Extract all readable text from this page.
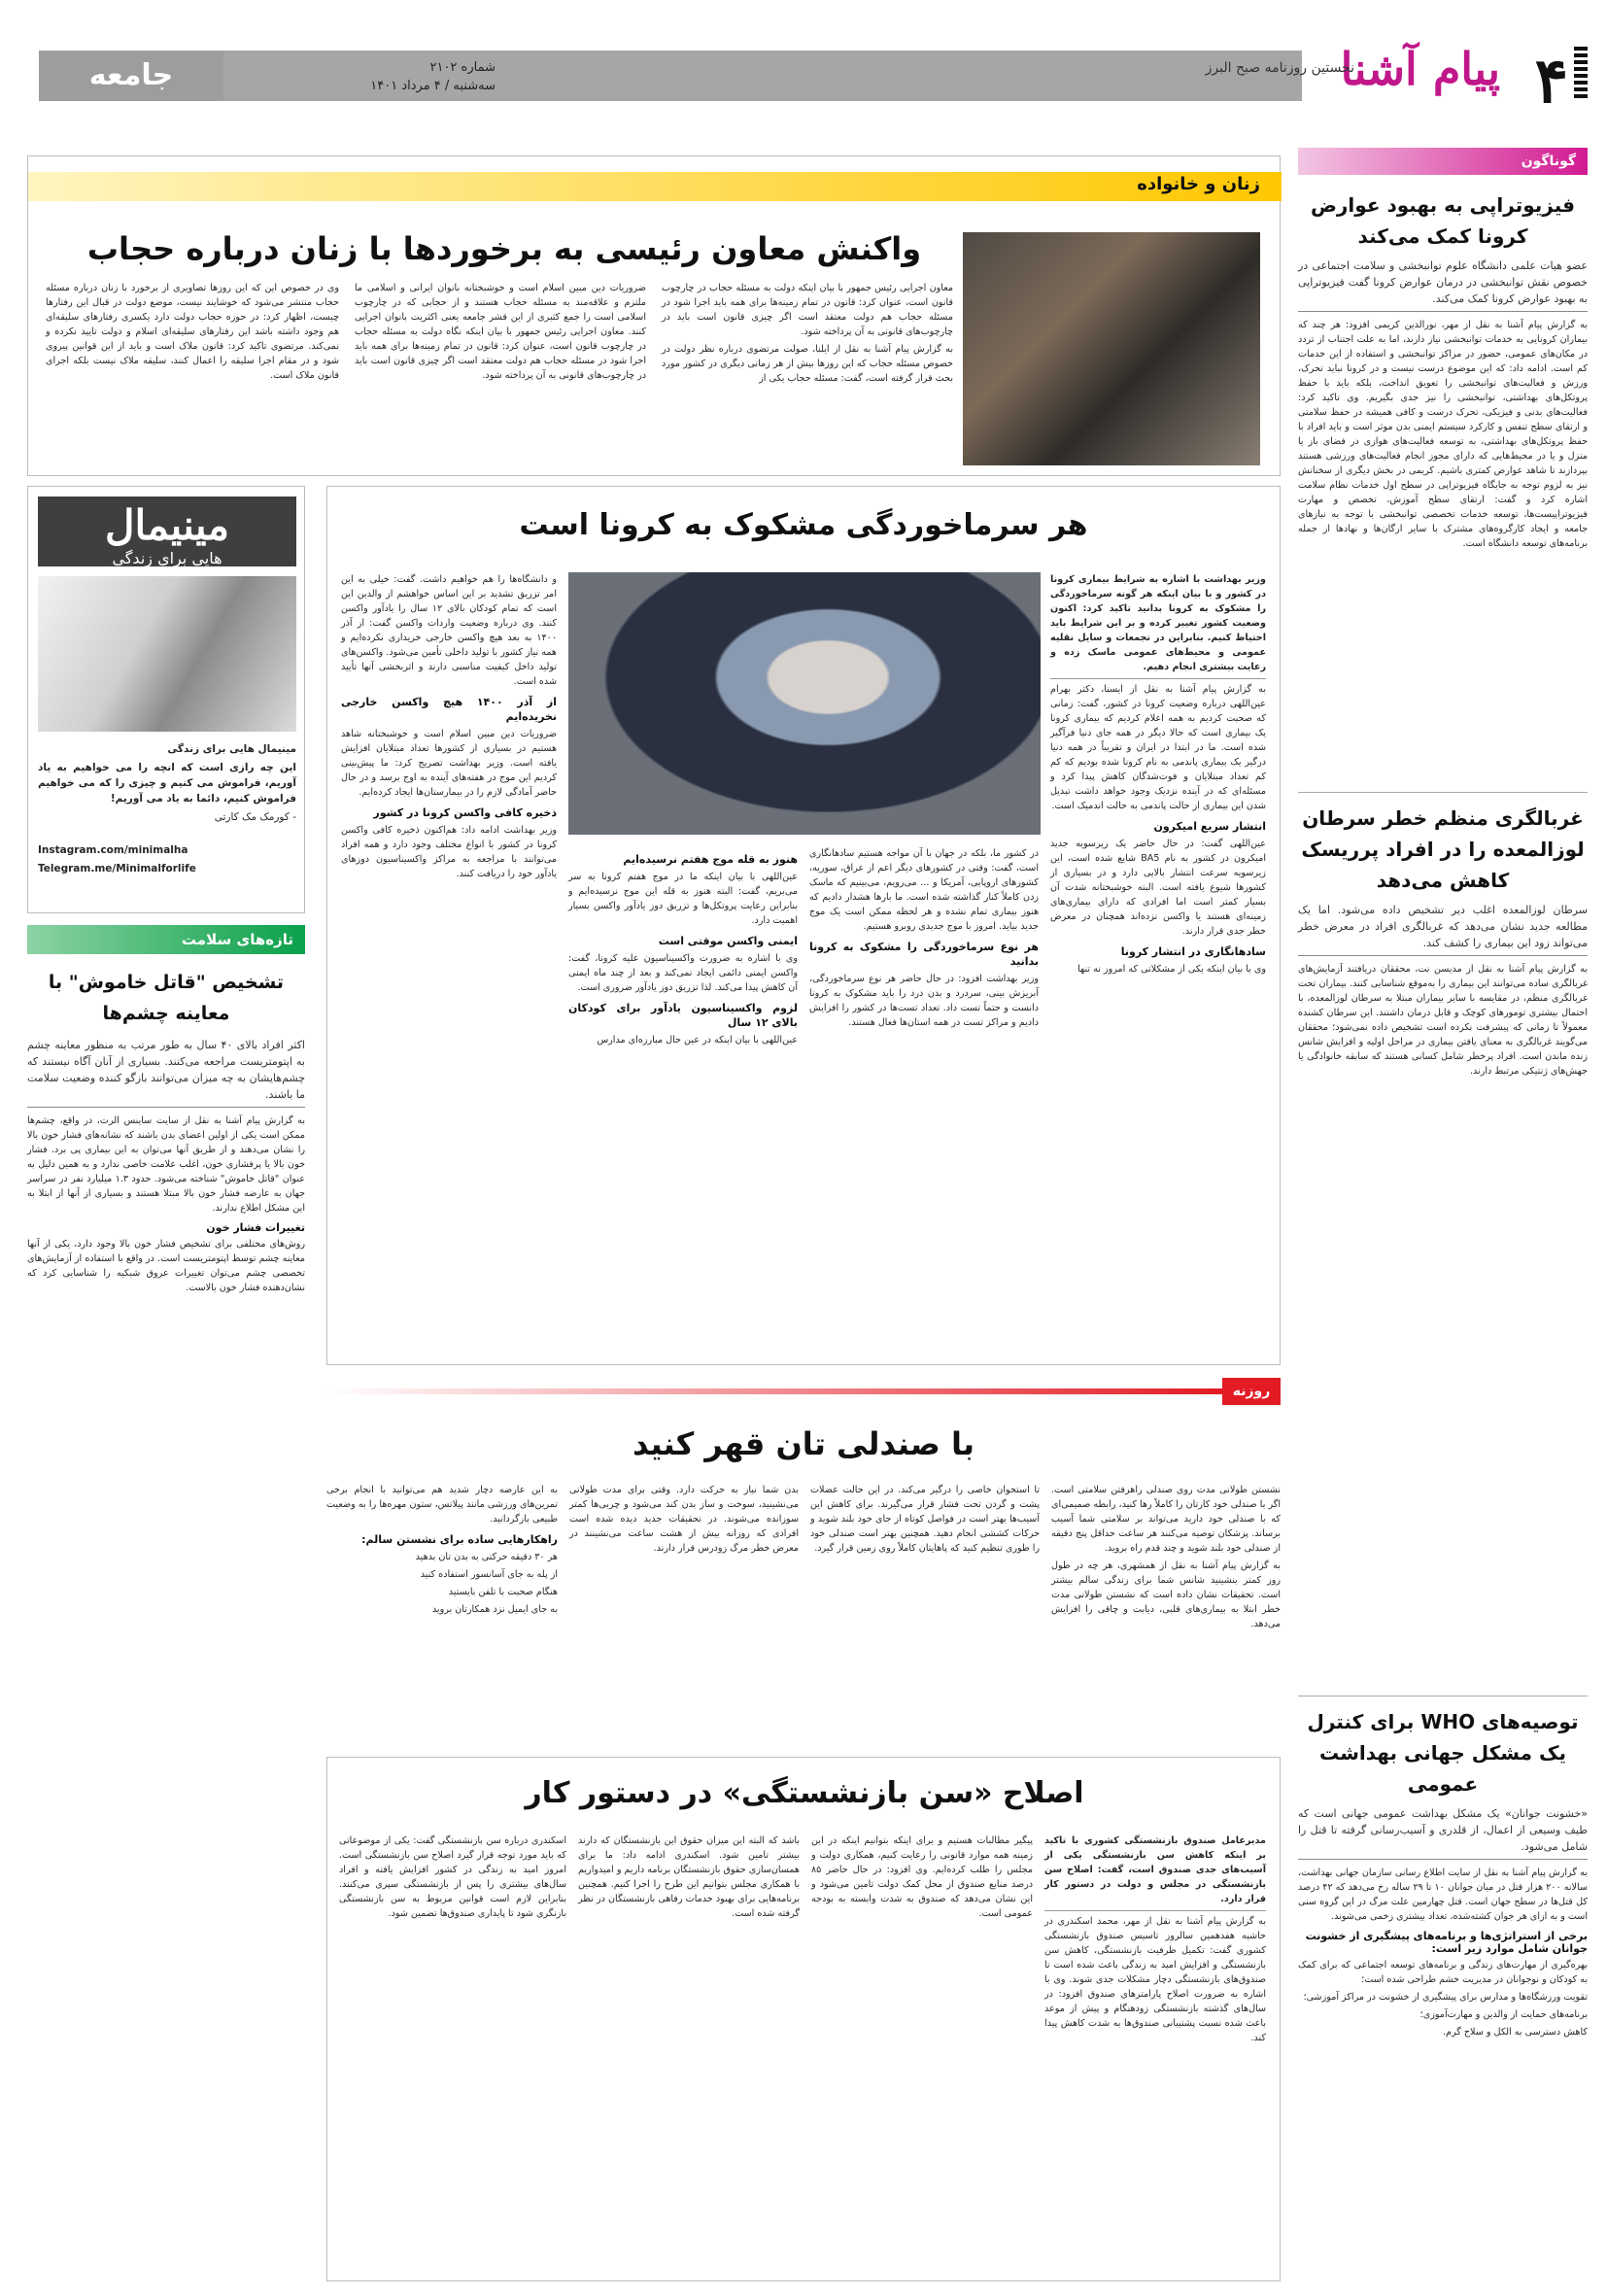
جامعه	شماره ۲۱۰۲
سه‌شنبه / ۴ مرداد ۱۴۰۱	۴
پیام آشنا
نخستین روزنامه صبح البرز
گوناگون
فیزیوتراپی به بهبود عوارض کرونا کمک می‌کند
عضو هیات علمی دانشگاه علوم توانبخشی و سلامت اجتماعی در خصوص نقش توانبخشی در درمان عوارض کرونا گفت فیزیوتراپی به بهبود عوارض کرونا کمک می‌کند.
به گزارش پیام آشنا به نقل از مهر، نورالدین کریمی افزود: هر چند که بیماران کرونایی به خدمات توانبخشی نیاز دارند، اما به علت اجتناب از تردد در مکان‌های عمومی، حضور در مراکز توانبخشی و استفاده از این خدمات کم است. ادامه داد: که این موضوع درست نیست و در کرونا نباید تحرک، ورزش و فعالیت‌های توانبخشی را تعویق انداخت، بلکه باید با حفظ پروتکل‌های بهداشتی، توانبخشی را نیز جدی بگیریم. وی تاکید کرد: فعالیت‌های بدنی و فیزیکی، تحرک درست و کافی همیشه در حفظ سلامتی و ارتقای سطح تنفس و کارکرد سیستم ایمنی بدن موثر است و باید افراد با حفظ پروتکل‌های بهداشتی، به توسعه فعالیت‌های هوازی در فضای باز یا منزل و یا در محیط‌هایی که دارای مجوز انجام فعالیت‌های ورزشی هستند بپردازند تا شاهد عوارض کمتری باشیم. کریمی در بخش دیگری از سخنانش نیز به لزوم توجه به جایگاه فیزیوتراپی در سطح اول خدمات نظام سلامت اشاره کرد و گفت: ارتقای سطح آموزش، تخصص و مهارت فیزیوتراپیست‌ها، توسعه خدمات تخصصی توانبخشی با توجه به نیازهای جامعه و ایجاد کارگروه‌های مشترک با سایر ارگان‌ها و نهادها از جمله برنامه‌های توسعه دانشگاه است.
غربالگری منظم خطر سرطان لوزالمعده را در افراد پرریسک کاهش می‌دهد
سرطان لوزالمعده اغلب دیر تشخیص داده می‌شود. اما یک مطالعه جدید نشان می‌دهد که غربالگری افراد در معرض خطر می‌تواند زود این بیماری را کشف کند.
به گزارش پیام آشنا به نقل از مدیسن نت، محققان دریافتند آزمایش‌های غربالگری ساده می‌توانند این بیماری را به‌موقع شناسایی کنند. بیماران تحت غربالگری منظم، در مقایسه با سایر بیماران مبتلا به سرطان لوزالمعده، با احتمال بیشتری تومورهای کوچک و قابل درمان داشتند. این سرطان کشنده معمولاً تا زمانی که پیشرفت نکرده است تشخیص داده نمی‌شود؛ محققان می‌گویند غربالگری به معنای یافتن بیماری در مراحل اولیه و افزایش شانس زنده ماندن است. افراد پرخطر شامل کسانی هستند که سابقه خانوادگی یا جهش‌های ژنتیکی مرتبط دارند.
توصیه‌های WHO برای کنترل یک مشکل جهانی بهداشت عمومی
«خشونت جوانان» یک مشکل بهداشت عمومی جهانی است که طیف وسیعی از اعمال، از قلدری و آسیب‌رسانی گرفته تا قتل را شامل می‌شود.
به گزارش پیام آشنا به نقل از سایت اطلاع رسانی سازمان جهانی بهداشت، سالانه ۲۰۰ هزار قتل در میان جوانان ۱۰ تا ۲۹ ساله رخ می‌دهد که ۴۲ درصد کل قتل‌ها در سطح جهان است. قتل چهارمین علت مرگ در این گروه سنی است و به ازای هر جوان کشته‌شده، تعداد بیشتری زخمی می‌شوند.
برخی از استراتژی‌ها و برنامه‌های پیشگیری از خشونت جوانان شامل موارد زیر است:

بهره‌گیری از مهارت‌های زندگی و برنامه‌های توسعه اجتماعی که برای کمک به کودکان و نوجوانان در مدیریت خشم طراحی شده است؛

تقویت ورزشگاه‌ها و مدارس برای پیشگیری از خشونت در مراکز آموزشی؛

برنامه‌های حمایت از والدین و مهارت‌آموزی؛

کاهش دسترسی به الکل و سلاح گرم.

زنان و خانواده
واکنش معاون رئیسی به برخوردها با زنان درباره حجاب

معاون اجرایی رئیس جمهور با بیان اینکه دولت به مسئله حجاب در چارچوب قانون است، عنوان کرد: قانون در تمام زمینه‌ها برای همه باید اجرا شود در مسئله حجاب هم دولت معتقد است اگر چیزی قانون است باید در چارچوب‌های قانونی به آن پرداخته شود.

به گزارش پیام آشنا به نقل از ایلنا، صولت مرتضوی درباره نظر دولت در خصوص مسئله حجاب که این روزها بیش از هر زمانی دیگری در کشور مورد بحث قرار گرفته است، گفت: مسئله حجاب یکی از

ضروریات دین مبین اسلام است و خوشبختانه بانوان ایرانی و اسلامی ما ملتزم و علاقه‌مند به مسئله حجاب هستند و از حجابی که در چارچوب اسلامی است را جمع کثیری از این قشر جامعه یعنی اکثریت بانوان اجرایی کنند. معاون اجرایی رئیس جمهور با بیان اینکه نگاه دولت به مسئله حجاب در چارچوب قانون است، عنوان کرد: قانون در تمام زمینه‌ها برای همه باید اجرا شود در مسئله حجاب هم دولت معتقد است اگر چیزی قانون است باید در چارچوب‌های قانونی به آن پرداخته شود.
وی در خصوص این که این روزها تصاویری از برخورد با زنان درباره مسئله حجاب منتشر می‌شود که خوشایند نیست، موضع دولت در قبال این رفتارها چیست، اظهار کرد: در حوزه حجاب دولت دارد یکسری رفتارهای سلیقه‌ای هم وجود داشته باشد این رفتارهای سلیقه‌ای اسلام و دولت تایید نکرده و نمی‌کند. مرتضوی تاکید کرد: قانون ملاک است و باید از این قوانین پیروی شود و در مقام اجرا سلیقه را اعمال کنند، سلیقه ملاک نیست بلکه اجرای قانون ملاک است.
مینیمال
هایی برای زندگی

مینیمال هایی برای زندگی

این چه رازی است که انچه را می خواهیم به یاد آوریم، فراموش می کنیم و چیزی را که می خواهیم فراموش کنیم، دائما به یاد می آوریم!

- کورمک مک کارتی

Instagram.com/minimalha

Telegram.me/Minimalforlife

تازه‌های سلامت
تشخیص "قاتل خاموش" با معاینه چشم‌ها
اکثر افراد بالای ۴۰ سال به طور مرتب به منظور معاینه چشم به اپتومتریست مراجعه می‌کنند. بسیاری از آنان آگاه نیستند که چشم‌هایشان به چه میزان می‌توانند بازگو کننده وضعیت سلامت ما باشند.
به گزارش پیام آشنا به نقل از سایت ساینس الرت، در واقع، چشم‌ها ممکن است یکی از اولین اعضای بدن باشند که نشانه‌های فشار خون بالا را نشان می‌دهند و از طریق آنها می‌توان به این بیماری پی برد. فشار خون بالا یا پرفشاری خون، اغلب علامت خاصی ندارد و به همین دلیل به عنوان "قاتل خاموش" شناخته می‌شود. حدود ۱.۳ میلیارد نفر در سراسر جهان به عارضه فشار خون بالا مبتلا هستند و بسیاری از آنها از ابتلا به این مشکل اطلاع ندارند.
تغییرات فشار خون
روش‌های مختلفی برای تشخیص فشار خون بالا وجود دارد، یکی از آنها معاینه چشم توسط اپتومتریست است. در واقع با استفاده از آزمایش‌های تخصصی چشم می‌توان تغییرات عروق شبکیه را شناسایی کرد که نشان‌دهنده فشار خون بالاست.
هر سرماخوردگی مشکوک به کرونا است

وزیر بهداشت با اشاره به شرایط بیماری کرونا در کشور و با بیان اینکه هر گونه سرماخوردگی را مشکوک به کرونا بدانید تاکید کرد: اکنون وضعیت کشور تغییر کرده و بر این شرایط باید احتیاط کنیم. بنابراین در تجمعات و سایل نقلیه عمومی و محیط‌های عمومی ماسک زده و رعایت بیشتری انجام دهیم.

به گزارش پیام آشنا به نقل از ایسنا، دکتر بهرام عین‌اللهی درباره وضعیت کرونا در کشور، گفت: زمانی که صحبت کردیم به همه اعلام کردیم که بیماری کرونا یک بیماری است که حالا دیگر در همه جای دنیا فرآگیر شده است. ما در ابتدا در ایران و تقریباً در همه دنیا درگیر یک بیماری پاندمی به نام کرونا شده بودیم که کم کم تعداد مبتلایان و فوت‌شدگان کاهش پیدا کرد و مسئله‌ای که در آینده نزدیک وجود خواهد داشت تبدیل شدن این بیماری از حالت پاندمی به حالت اندمیک است.

انتشار سریع امیکرون

عین‌اللهی گفت: در حال حاضر یک زیرسویه جدید امیکرون در کشور به نام BA5 شایع شده است، این زیرسویه سرعت انتشار بالایی دارد و در بسیاری از کشورها شیوع یافته است. البته خوشبختانه شدت آن بسیار کمتر است اما افرادی که دارای بیماری‌های زمینه‌ای هستند یا واکسن نزده‌اند همچنان در معرض خطر جدی قرار دارند.

سادهانگاری در انتشار کرونا

وی با بیان اینکه یکی از مشکلاتی که امروز نه تنها

در کشور ما، بلکه در جهان با آن مواجه هستیم سادهانگاری است، گفت: وقتی در کشورهای دیگر اعم از عراق، سوریه، کشورهای اروپایی، آمریکا و ... می‌رویم، می‌بینیم که ماسک زدن کاملاً کنار گذاشته شده است. ما بارها هشدار دادیم که هنوز بیماری تمام نشده و هر لحظه ممکن است یک موج جدید بیاید. امروز با موج جدیدی روبرو هستیم.

هر نوع سرماخوردگی را مشکوک به کرونا بدانید

وزیر بهداشت افزود: در حال حاضر هر نوع سرماخوردگی، آبریزش بینی، سردرد و بدن درد را باید مشکوک به کرونا دانست و حتماً تست داد. تعداد تست‌ها در کشور را افزایش دادیم و مراکز تست در همه استان‌ها فعال هستند.

هنوز به قله موج هفتم نرسیده‌ایم

عین‌اللهی با بیان اینکه ما در موج هفتم کرونا به سر می‌بریم، گفت: البته هنوز به قله این موج نرسیده‌ایم و بنابراین رعایت پروتکل‌ها و تزریق دوز یادآور واکسن بسیار اهمیت دارد.

ایمنی واکسن موقتی است

وی با اشاره به ضرورت واکسیناسیون علیه کرونا، گفت: واکسن ایمنی دائمی ایجاد نمی‌کند و بعد از چند ماه ایمنی آن کاهش پیدا می‌کند. لذا تزریق دوز یادآور ضروری است.

لزوم واکسیناسیون یادآور برای کودکان بالای ۱۲ سال

عین‌اللهی با بیان اینکه در عین حال مبارزه‌ای مدارس

و دانشگاه‌ها را هم خواهیم داشت. گفت: خیلی به این امر تزریق تشدید بر این اساس خواهشم از والدین این است که تمام کودکان بالای ۱۲ سال را یادآور واکسن کنند. وی درباره وضعیت واردات واکسن گفت: از آذر ۱۴۰۰ به بعد هیچ واکسن خارجی خریداری نکرده‌ایم و همه نیاز کشور با تولید داخلی تأمین می‌شود. واکسن‌های تولید داخل کیفیت مناسبی دارند و اثربخشی آنها تأیید شده است.

از آذر ۱۴۰۰ هیچ واکسن خارجی نخریده‌ایم

ضروریات دین مبین اسلام است و خوشبختانه شاهد هستیم در بسیاری از کشورها تعداد مبتلایان افزایش یافته است. وزیر بهداشت تصریح کرد: ما پیش‌بینی کردیم این موج در هفته‌های آینده به اوج برسد و در حال حاضر آمادگی لازم را در بیمارستان‌ها ایجاد کرده‌ایم.

ذخیره کافی واکسن کرونا در کشور

وزیر بهداشت ادامه داد: هم‌اکنون ذخیره کافی واکسن کرونا در کشور با انواع مختلف وجود دارد و همه افراد می‌توانند با مراجعه به مراکز واکسیناسیون دوزهای یادآور خود را دریافت کنند.

روزنه
با صندلی تان قهر کنید

نشستن طولانی مدت روی صندلی راهرفتن سلامتی است. اگر با صندلی خود کارتان را کاملاً رها کنید، رابطه صمیمی‌ای که با صندلی خود دارید می‌تواند بر سلامتی شما آسیب برساند. پزشکان توصیه می‌کنند هر ساعت حداقل پنج دقیقه از صندلی خود بلند شوید و چند قدم راه بروید.

به گزارش پیام آشنا به نقل از همشهری، هر چه در طول روز کمتر بنشینید شانس شما برای زندگی سالم بیشتر است. تحقیقات نشان داده است که نشستن طولانی مدت خطر ابتلا به بیماری‌های قلبی، دیابت و چاقی را افزایش می‌دهد.

تا استخوان خاصی را درگیر می‌کند. در این حالت عضلات پشت و گردن تحت فشار قرار می‌گیرند. برای کاهش این آسیب‌ها بهتر است در فواصل کوتاه از جای خود بلند شوید و حرکات کششی انجام دهید. همچنین بهتر است صندلی خود را طوری تنظیم کنید که پاهایتان کاملاً روی زمین قرار گیرد.
بدن شما نیاز به حرکت دارد. وقتی برای مدت طولانی می‌نشینید، سوخت و ساز بدن کند می‌شود و چربی‌ها کمتر سوزانده می‌شوند. در تحقیقات جدید دیده شده است افرادی که روزانه بیش از هشت ساعت می‌نشینند در معرض خطر مرگ زودرس قرار دارند.

به این عارضه دچار شدید هم می‌توانید با انجام برخی تمرین‌های ورزشی مانند پیلاتس، ستون مهره‌ها را به وضعیت طبیعی بازگردانید.

راهکارهایی ساده برای نشستن سالم:

هر ۳۰ دقیقه حرکتی به بدن تان بدهید

از پله به جای آسانسور استفاده کنید

هنگام صحبت با تلفن بایستید

به جای ایمیل نزد همکارتان بروید

اصلاح «سن بازنشستگی» در دستور کار

مدیرعامل صندوق بازنشستگی کشوری با تاکید بر اینکه کاهش سن بازنشستگی یکی از آسیب‌های جدی صندوق است، گفت: اصلاح سن بازنشستگی در مجلس و دولت در دستور کار قرار دارد.

به گزارش پیام آشنا به نقل از مهر، محمد اسکندری در حاشیه هفدهمین سالروز تاسیس صندوق بازنشستگی کشوری گفت: تکمیل ظرفیت بازنشستگی، کاهش سن بازنشستگی و افزایش امید به زندگی باعث شده است تا صندوق‌های بازنشستگی دچار مشکلات جدی شوند. وی با اشاره به ضرورت اصلاح پارامترهای صندوق افزود: در سال‌های گذشته بازنشستگی زودهنگام و پیش از موعد باعث شده نسبت پشتیبانی صندوق‌ها به شدت کاهش پیدا کند.

پیگیر مطالبات هستیم و برای اینکه بتوانیم اینکه در این زمینه همه موارد قانونی را رعایت کنیم، همکاری دولت و مجلس را طلب کرده‌ایم. وی افزود: در حال حاضر ۸۵ درصد منابع صندوق از محل کمک دولت تامین می‌شود و این نشان می‌دهد که صندوق به شدت وابسته به بودجه عمومی است.
باشد که البته این میزان حقوق این بازنشستگان که دارند بیشتر تامین شود. اسکندری ادامه داد: ما برای همسان‌سازی حقوق بازنشستگان برنامه داریم و امیدواریم با همکاری مجلس بتوانیم این طرح را اجرا کنیم. همچنین برنامه‌هایی برای بهبود خدمات رفاهی بازنشستگان در نظر گرفته شده است.
اسکندری درباره سن بازنشستگی گفت: یکی از موضوعاتی که باید مورد توجه قرار گیرد اصلاح سن بازنشستگی است. امروز امید به زندگی در کشور افزایش یافته و افراد سال‌های بیشتری را پس از بازنشستگی سپری می‌کنند. بنابراین لازم است قوانین مربوط به سن بازنشستگی بازنگری شود تا پایداری صندوق‌ها تضمین شود.
